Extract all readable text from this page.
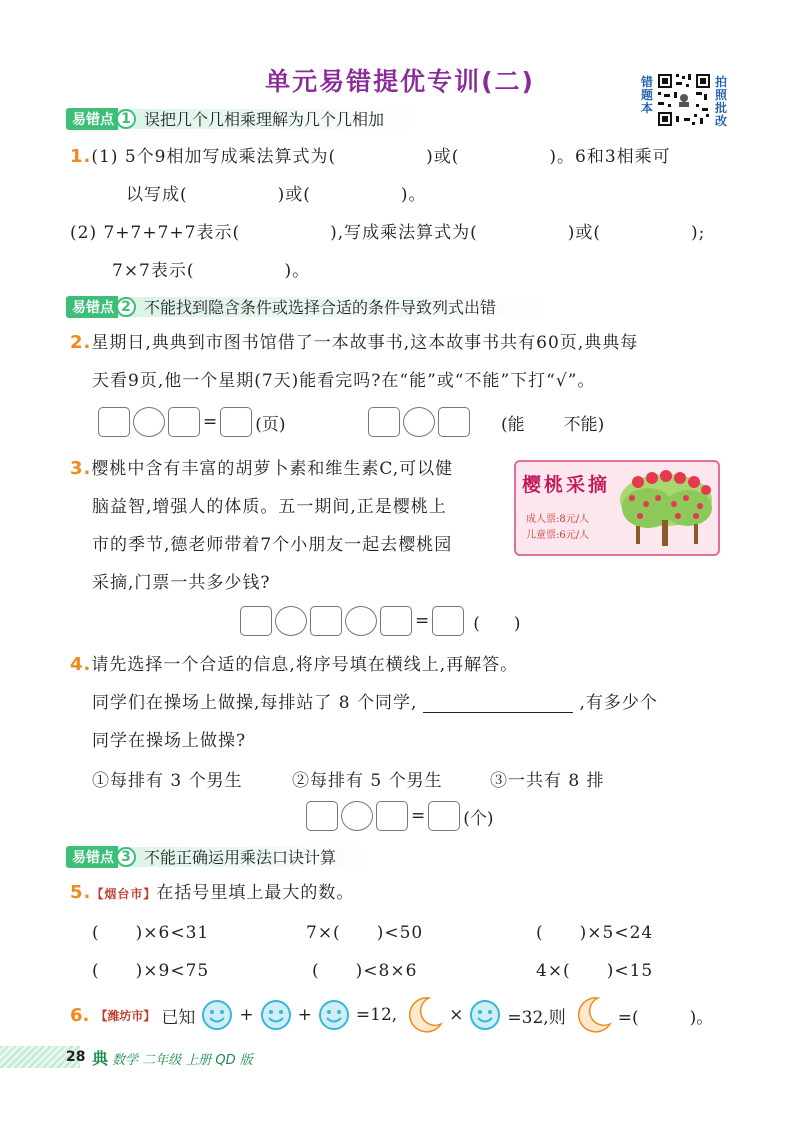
单元易错提优专训(二)	错
题
本
拍
照
批
改
易错点 1 误把几个几相乘理解为几个几相加
1.(1) 5个9相加写成乘法算式为(　　　　　)或(　　　　　)。6和3相乘可
以写成(　　　　　)或(　　　　　)。
(2) 7+7+7+7表示(　　　　　),写成乘法算式为(　　　　　)或(　　　　　);
7×7表示(　　　　　)。
易错点 2 不能找到隐含条件或选择合适的条件导致列式出错
2.星期日,典典到市图书馆借了一本故事书,这本故事书共有60页,典典每
天看9页,他一个星期(7天)能看完吗?在“能”或“不能”下打“√”。
= (页)	(能 不能)
3.樱桃中含有丰富的胡萝卜素和维生素C,可以健
脑益智,增强人的体质。五一期间,正是樱桃上
市的季节,德老师带着7个小朋友一起去樱桃园
采摘,门票一共多少钱?
樱桃采摘
成人票:8元/人
儿童票:6元/人
=	(　　)
4.请先选择一个合适的信息,将序号填在横线上,再解答。
同学们在操场上做操,每排站了 8 个同学,	,有多少个
同学在操场上做操?
①每排有 3 个男生	②每排有 5 个男生	③一共有 8 排
= (个)
易错点 3 不能正确运用乘法口诀计算
5.【烟台市】在括号里填上最大的数。
(　　)×6<31	7×(　　)<50	(　　)×5<24
(　　)×9<75	(　　)<8×6	4×(　　)<15
6. 【潍坊市】 已知	+	+	=12,	×	=32,则	=(　　　)。
28 典 数学 二年级 上册 QD 版
